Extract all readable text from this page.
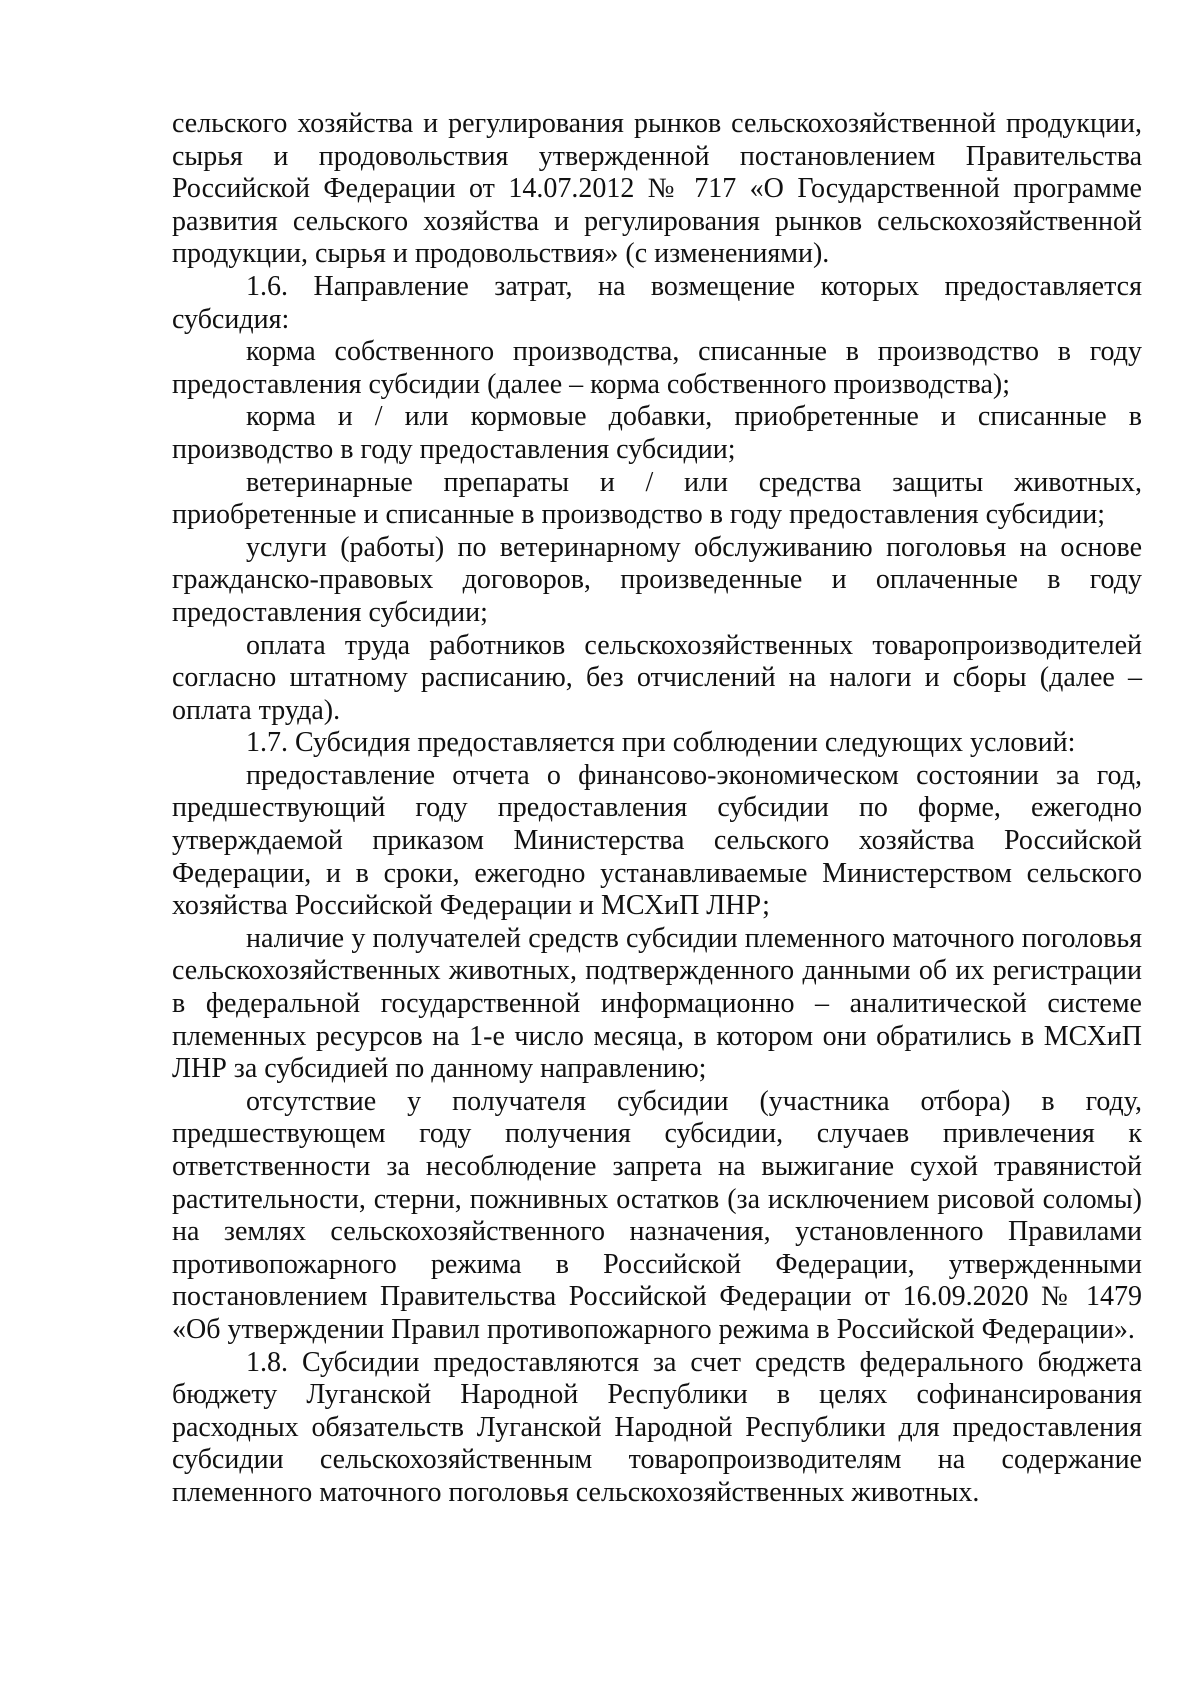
сельского хозяйства и регулирования рынков сельскохозяйственной продукции, сырья и продовольствия утвержденной постановлением Правительства Российской Федерации от 14.07.2012 № 717 «О Государственной программе развития сельского хозяйства и регулирования рынков сельскохозяйственной продукции, сырья и продовольствия» (с изменениями).

1.6. Направление затрат, на возмещение которых предоставляется субсидия:

корма собственного производства, списанные в производство в году предоставления субсидии (далее – корма собственного производства);

корма и / или кормовые добавки, приобретенные и списанные в производство в году предоставления субсидии;

ветеринарные препараты и / или средства защиты животных, приобретенные и списанные в производство в году предоставления субсидии;

услуги (работы) по ветеринарному обслуживанию поголовья на основе гражданско-правовых договоров, произведенные и оплаченные в году предоставления субсидии;

оплата труда работников сельскохозяйственных товаропроизводителей согласно штатному расписанию, без отчислений на налоги и сборы (далее – оплата труда).

1.7. Субсидия предоставляется при соблюдении следующих условий:

предоставление отчета о финансово-экономическом состоянии за год, предшествующий году предоставления субсидии по форме, ежегодно утверждаемой приказом Министерства сельского хозяйства Российской Федерации, и в сроки, ежегодно устанавливаемые Министерством сельского хозяйства Российской Федерации и МСХиП ЛНР;

наличие у получателей средств субсидии племенного маточного поголовья сельскохозяйственных животных, подтвержденного данными об их регистрации в федеральной государственной информационно – аналитической системе племенных ресурсов на 1-е число месяца, в котором они обратились в МСХиП ЛНР за субсидией по данному направлению;

отсутствие у получателя субсидии (участника отбора) в году, предшествующем году получения субсидии, случаев привлечения к ответственности за несоблюдение запрета на выжигание сухой травянистой растительности, стерни, пожнивных остатков (за исключением рисовой соломы) на землях сельскохозяйственного назначения, установленного Правилами противопожарного режима в Российской Федерации, утвержденными постановлением Правительства Российской Федерации от 16.09.2020 № 1479 «Об утверждении Правил противопожарного режима в Российской Федерации».

1.8. Субсидии предоставляются за счет средств федерального бюджета бюджету Луганской Народной Республики в целях софинансирования расходных обязательств Луганской Народной Республики для предоставления субсидии сельскохозяйственным товаропроизводителям на содержание племенного маточного поголовья сельскохозяйственных животных.
